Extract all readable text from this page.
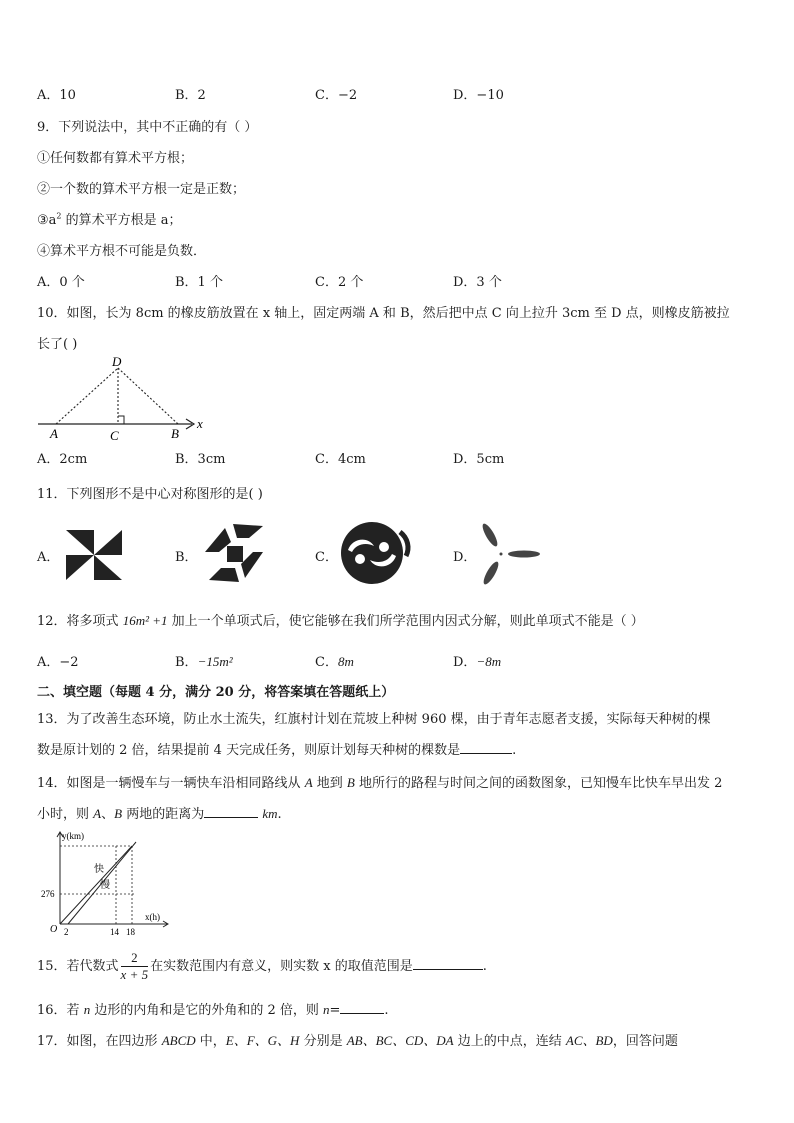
A．10	B．2	C．−2	D．−10
9．下列说法中，其中不正确的有（ ）
①任何数都有算术平方根；
②一个数的算术平方根一定是正数；
$③a^2$ 的算术平方根是 a；
④算术平方根不可能是负数．
A．0 个	B．1 个	C．2 个	D．3 个
10．如图，长为 8cm 的橡皮筋放置在 x 轴上，固定两端 A 和 B，然后把中点 C 向上拉升 3cm 至 D 点，则橡皮筋被拉
长了( )
D
A	C	B
x
A．2cm	B．3cm	C．4cm	D．5cm
11．下列图形不是中心对称图形的是( )
A．	B．	C．	D．
12．将多项式 16m² +1 加上一个单项式后，使它能够在我们所学范围内因式分解，则此单项式不能是（ ）
A．−2	B．−15m²	C．8m	D．−8m
二、填空题（每题 4 分，满分 20 分，将答案填在答题纸上）
13．为了改善生态环境，防止水土流失，红旗村计划在荒坡上种树 960 棵，由于青年志愿者支援，实际每天种树的棵
数是原计划的 2 倍，结果提前 4 天完成任务，则原计划每天种树的棵数是	.
14．如图是一辆慢车与一辆快车沿相同路线从 A 地到 B 地所行的路程与时间之间的函数图象，已知慢车比快车早出发 2
小时，则 A、B 两地的距离为	km.
y(km)
x(h)
O
276
2	14 18
快
慢
15．若代数式 $\frac{2}{x + 5}$ 在实数范围内有意义，则实数 x 的取值范围是	.
16．若 n 边形的内角和是它的外角和的 2 倍，则 n=	.
17．如图，在四边形 ABCD 中，E、F、G、H 分别是 AB、BC、CD、DA 边上的中点，连结 AC、BD，回答问题
